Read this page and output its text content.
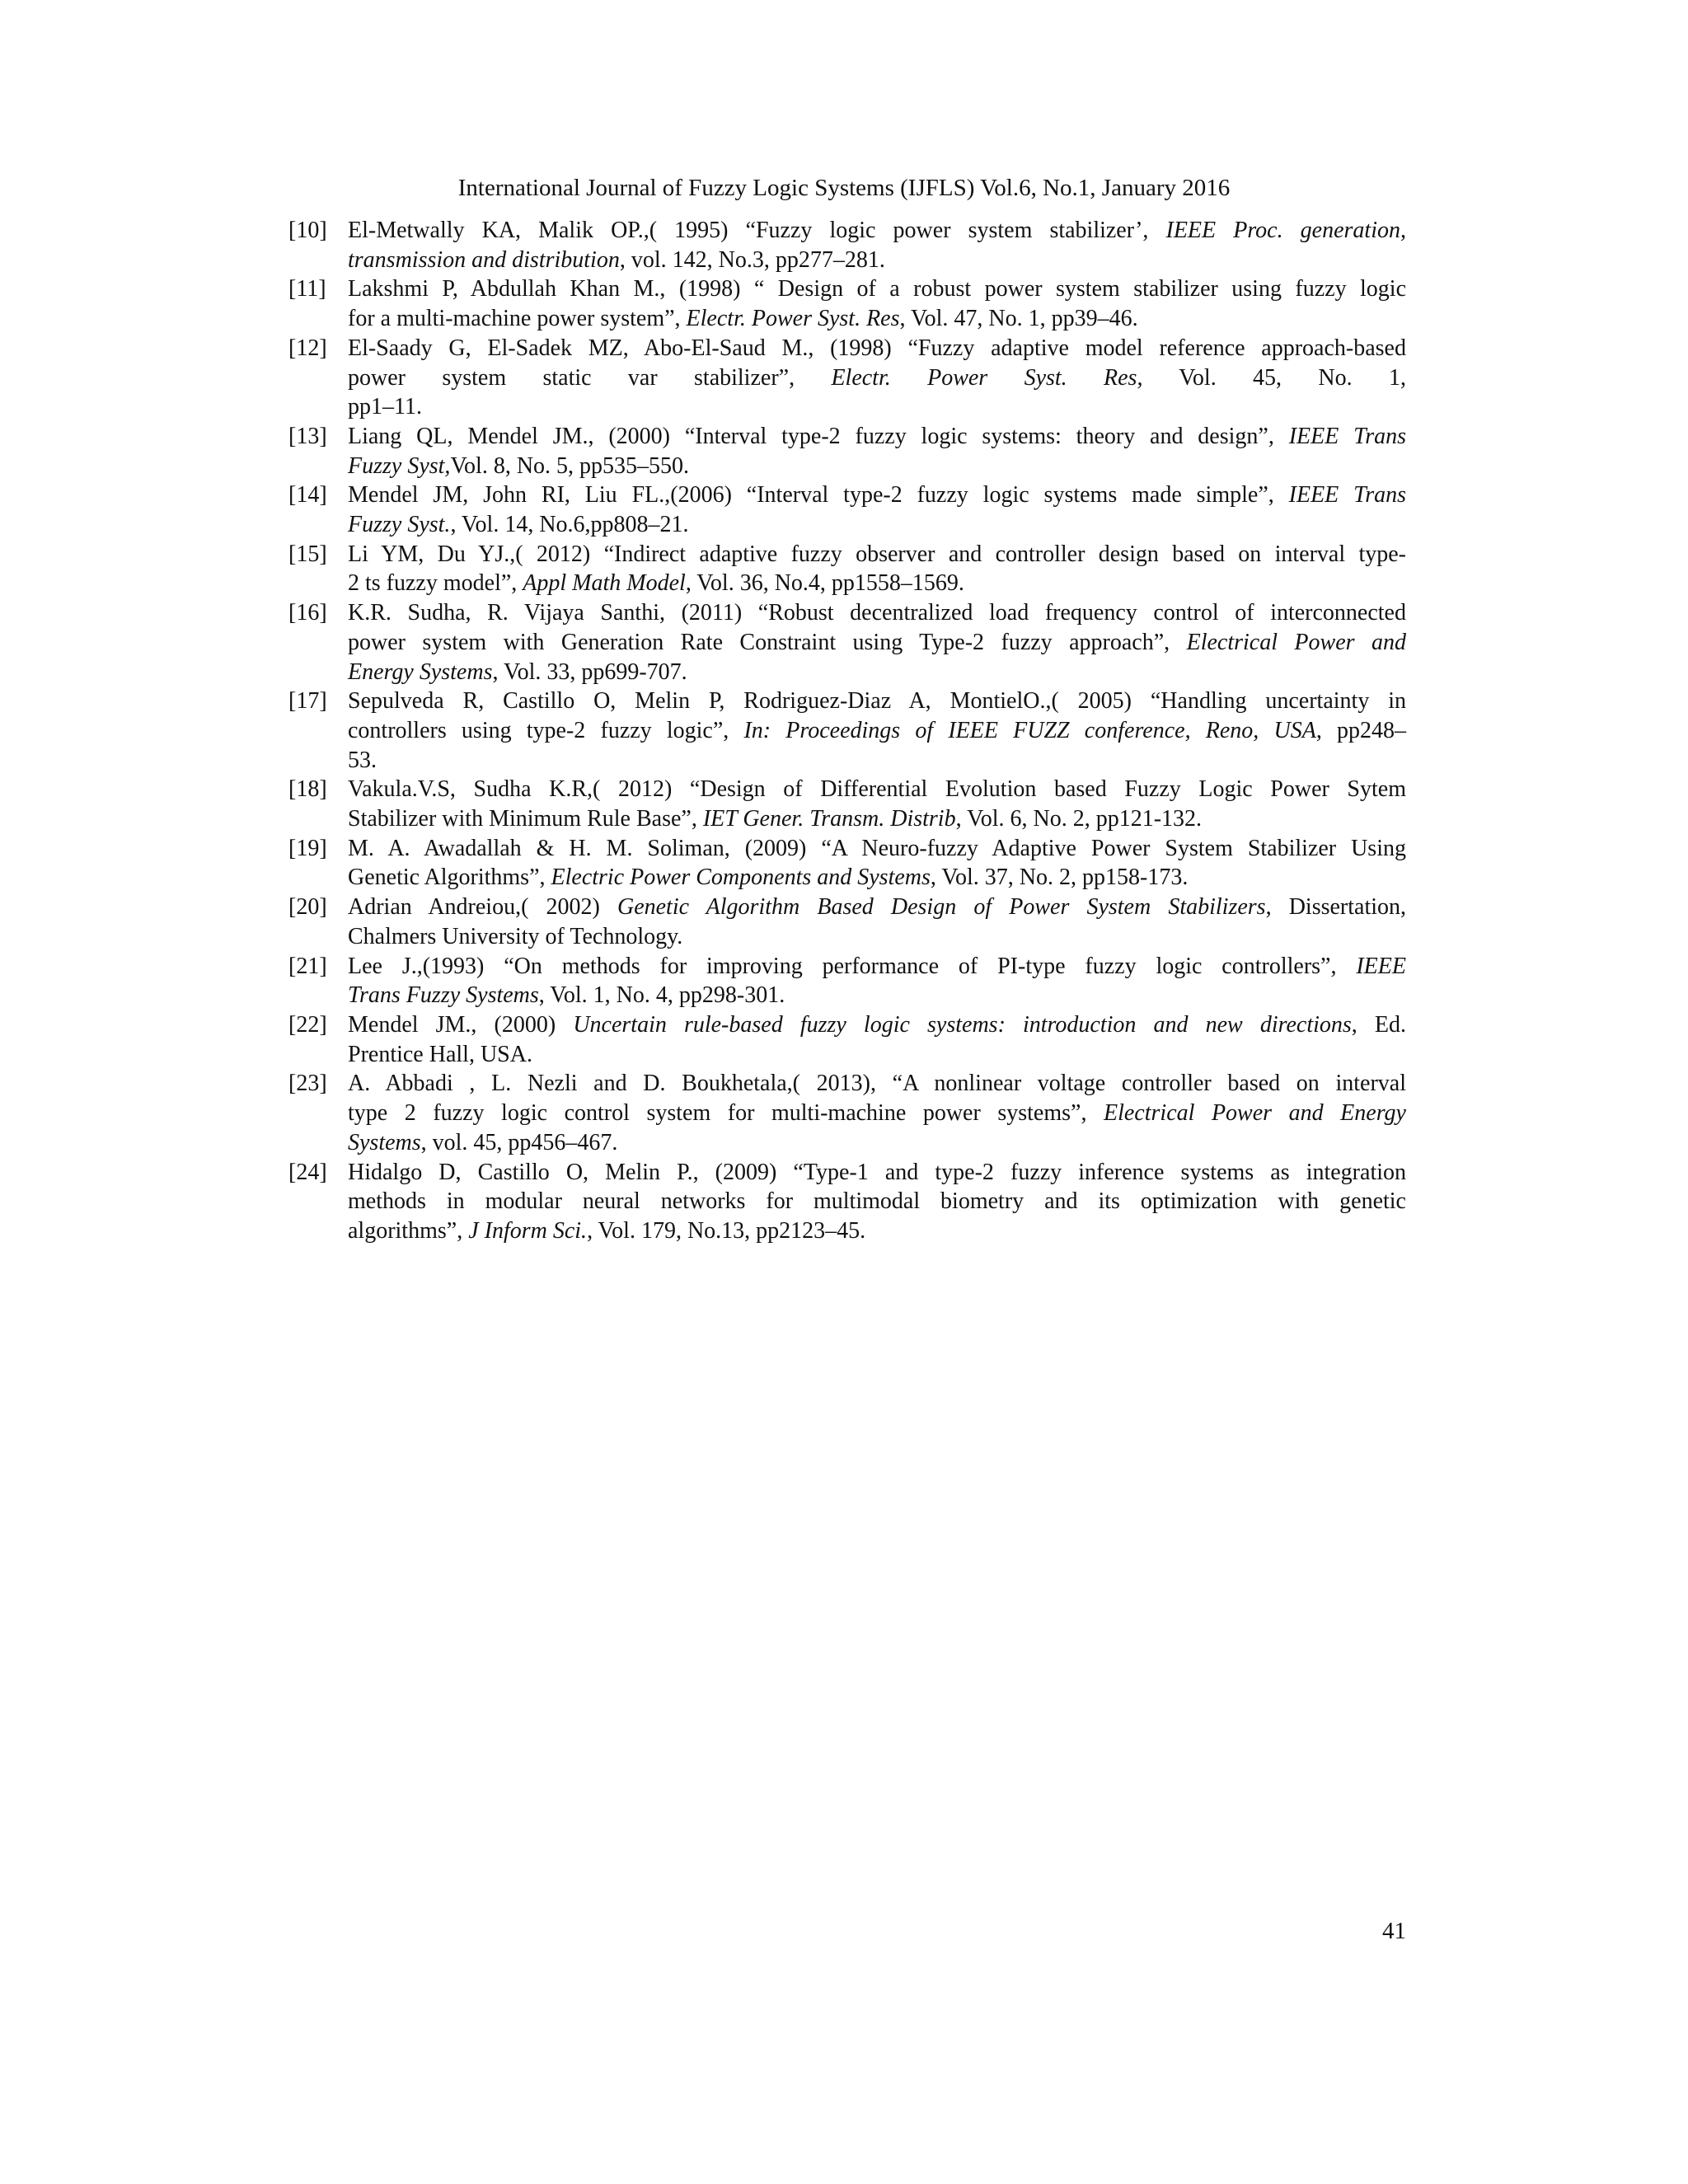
International Journal of Fuzzy Logic Systems (IJFLS) Vol.6, No.1, January 2016
[10] El-Metwally KA, Malik OP.,( 1995) “Fuzzy logic power system stabilizer’, IEEE Proc. generation,
transmission and distribution, vol. 142, No.3, pp277–281.
[11] Lakshmi P, Abdullah Khan M., (1998) “ Design of a robust power system stabilizer using fuzzy logic
for a multi-machine power system”, Electr. Power Syst. Res, Vol. 47, No. 1, pp39–46.
[12] El-Saady G, El-Sadek MZ, Abo-El-Saud M., (1998) “Fuzzy adaptive model reference approach-based
power system static var stabilizer”, Electr. Power Syst. Res, Vol. 45, No. 1,
pp1–11.
[13] Liang QL, Mendel JM., (2000) “Interval type-2 fuzzy logic systems: theory and design”, IEEE Trans
Fuzzy Syst,Vol. 8, No. 5, pp535–550.
[14] Mendel JM, John RI, Liu FL.,(2006) “Interval type-2 fuzzy logic systems made simple”, IEEE Trans
Fuzzy Syst., Vol. 14, No.6,pp808–21.
[15] Li YM, Du YJ.,( 2012) “Indirect adaptive fuzzy observer and controller design based on interval type-
2 ts fuzzy model”, Appl Math Model, Vol. 36, No.4, pp1558–1569.
[16] K.R. Sudha, R. Vijaya Santhi, (2011) “Robust decentralized load frequency control of interconnected
power system with Generation Rate Constraint using Type-2 fuzzy approach”, Electrical Power and
Energy Systems, Vol. 33, pp699-707.
[17] Sepulveda R, Castillo O, Melin P, Rodriguez-Diaz A, MontielO.,( 2005) “Handling uncertainty in
controllers using type-2 fuzzy logic”, In: Proceedings of IEEE FUZZ conference, Reno, USA, pp248–
53.
[18] Vakula.V.S, Sudha K.R,( 2012) “Design of Differential Evolution based Fuzzy Logic Power Sytem
Stabilizer with Minimum Rule Base”, IET Gener. Transm. Distrib, Vol. 6, No. 2, pp121-132.
[19] M. A. Awadallah & H. M. Soliman, (2009) “A Neuro-fuzzy Adaptive Power System Stabilizer Using
Genetic Algorithms”, Electric Power Components and Systems, Vol. 37, No. 2, pp158-173.
[20] Adrian Andreiou,( 2002) Genetic Algorithm Based Design of Power System Stabilizers, Dissertation,
Chalmers University of Technology.
[21] Lee J.,(1993) “On methods for improving performance of PI-type fuzzy logic controllers”, IEEE
Trans Fuzzy Systems, Vol. 1, No. 4, pp298-301.
[22] Mendel JM., (2000) Uncertain rule-based fuzzy logic systems: introduction and new directions, Ed.
Prentice Hall, USA.
[23] A. Abbadi , L. Nezli and D. Boukhetala,( 2013), “A nonlinear voltage controller based on interval
type 2 fuzzy logic control system for multi-machine power systems”, Electrical Power and Energy
Systems, vol. 45, pp456–467.
[24] Hidalgo D, Castillo O, Melin P., (2009) “Type-1 and type-2 fuzzy inference systems as integration
methods in modular neural networks for multimodal biometry and its optimization with genetic
algorithms”, J Inform Sci., Vol. 179, No.13, pp2123–45.
41
